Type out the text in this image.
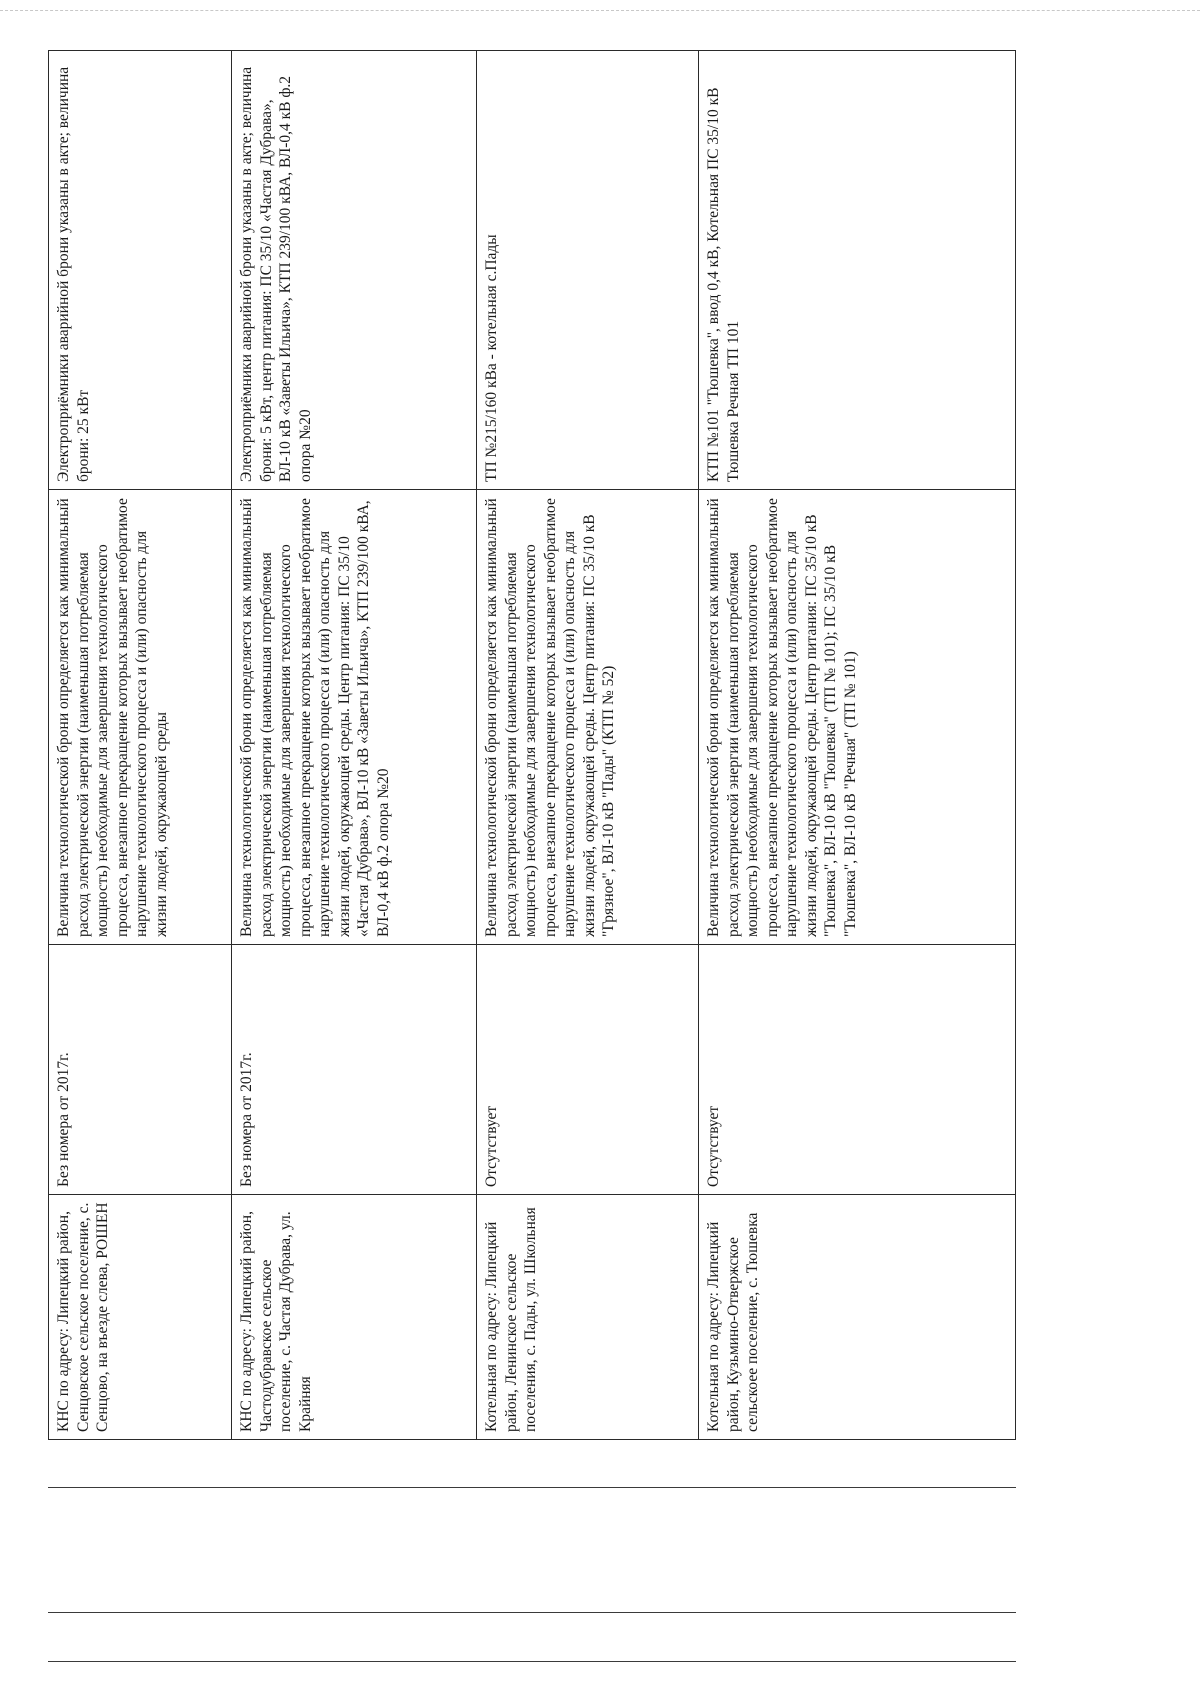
КНС по адресу: Липецкий район, Сенцовское сельское поселение, с. Сенцово, на въезде слева, РОШЕН	Без номера от 2017г.	Величина технологической брони определяется как минимальный расход электрической энергии (наименьшая потребляемая мощность) необходимые для завершения технологического процесса, внезапное прекращение которых вызывает необратимое нарушение технологического процесса и (или) опасность для жизни людей, окружающей среды	Электроприёмники аварийной брони указаны в акте; величина брони: 25 кВт
КНС по адресу: Липецкий район, Частодубравское сельское поселение, с. Частая Дубрава, ул. Крайняя	Без номера от 2017г.	Величина технологической брони определяется как минимальный расход электрической энергии (наименьшая потребляемая мощность) необходимые для завершения технологического процесса, внезапное прекращение которых вызывает необратимое нарушение технологического процесса и (или) опасность для жизни людей, окружающей среды. Центр питания: ПС 35/10 «Частая Дубрава», ВЛ-10 кВ «Заветы Ильича», КТП 239/100 кВА, ВЛ-0,4 кВ ф.2 опора №20	Электроприёмники аварийной брони указаны в акте; величина брони: 5 кВт, центр питания: ПС 35/10 «Частая Дубрава», ВЛ-10 кВ «Заветы Ильича», КТП 239/100 кВА, ВЛ-0,4 кВ ф.2 опора №20
Котельная по адресу: Липецкий район, Ленинское сельское поселения, с. Пады, ул. Школьная	Отсутствует	Величина технологической брони определяется как минимальный расход электрической энергии (наименьшая потребляемая мощность) необходимые для завершения технологического процесса, внезапное прекращение которых вызывает необратимое нарушение технологического процесса и (или) опасность для жизни людей, окружающей среды. Центр питания: ПС 35/10 кВ "Грязное", ВЛ-10 кВ "Пады" (КТП № 52)	ТП №215/160 кВа - котельная с.Пады
Котельная по адресу: Липецкий район, Кузьмино-Отвержское сельскоее поселение, с. Тюшевка	Отсутствует	Величина технологической брони определяется как минимальный расход электрической энергии (наименьшая потребляемая мощность) необходимые для завершения технологического процесса, внезапное прекращение которых вызывает необратимое нарушение технологического процесса и (или) опасность для жизни людей, окружающей среды. Центр питания: ПС 35/10 кВ "Тюшевка", ВЛ-10 кВ "Тюшевка" (ТП № 101); ПС 35/10 кВ "Тюшевка", ВЛ-10 кВ "Речная" (ТП № 101)	КТП №101 "Тюшевка", ввод 0,4 кВ, Котельная ПС 35/10 кВ Тюшевка Речная ТП 101
